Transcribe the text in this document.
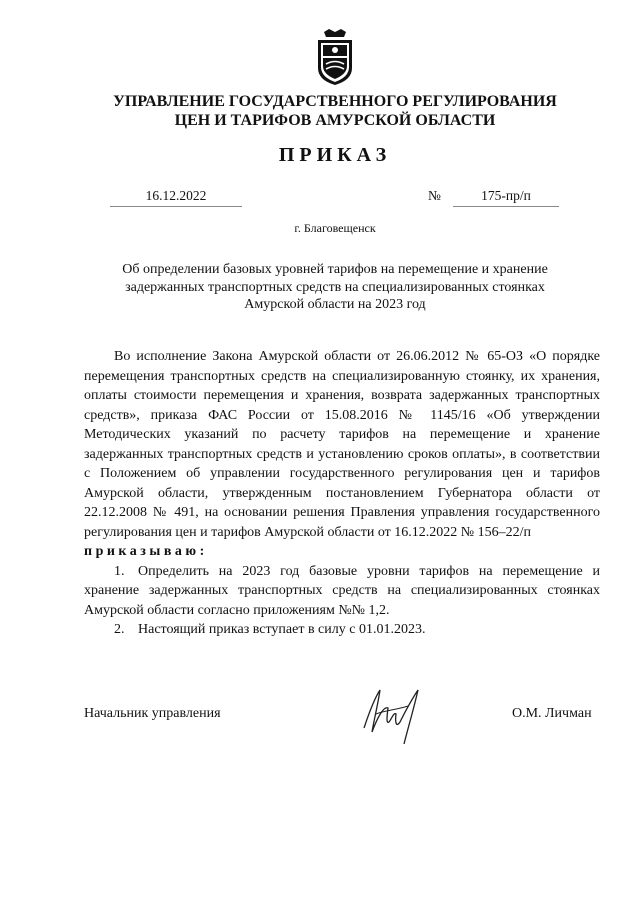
УПРАВЛЕНИЕ ГОСУДАРСТВЕННОГО РЕГУЛИРОВАНИЯ
ЦЕН И ТАРИФОВ АМУРСКОЙ ОБЛАСТИ
ПРИКАЗ
16.12.2022	№	175-пр/п
г. Благовещенск
Об определении базовых уровней тарифов на перемещение и хранение
задержанных транспортных средств на специализированных стоянках
Амурской области на 2023 год

Во исполнение Закона Амурской области от 26.06.2012 № 65-ОЗ «О порядке перемещения транспортных средств на специализированную стоянку, их хранения, оплаты стоимости перемещения и хранения, возврата задержанных транспортных средств», приказа ФАС России от 15.08.2016 № 1145/16 «Об утверждении Методических указаний по расчету тарифов на перемещение и хранение задержанных транспортных средств и установлению сроков оплаты», в соответствии с Положением об управлении государственного регулирования цен и тарифов Амурской области, утвержденным постановлением Губернатора области от 22.12.2008 № 491, на основании решения Правления управления государственного регулирования цен и тарифов Амурской области от 16.12.2022 № 156–22/п

приказываю:

1. Определить на 2023 год базовые уровни тарифов на перемещение и хранение задержанных транспортных средств на специализированных стоянках Амурской области согласно приложениям №№ 1,2.
2. Настоящий приказ вступает в силу с 01.01.2023.
Начальник управления	О.М. Личман
